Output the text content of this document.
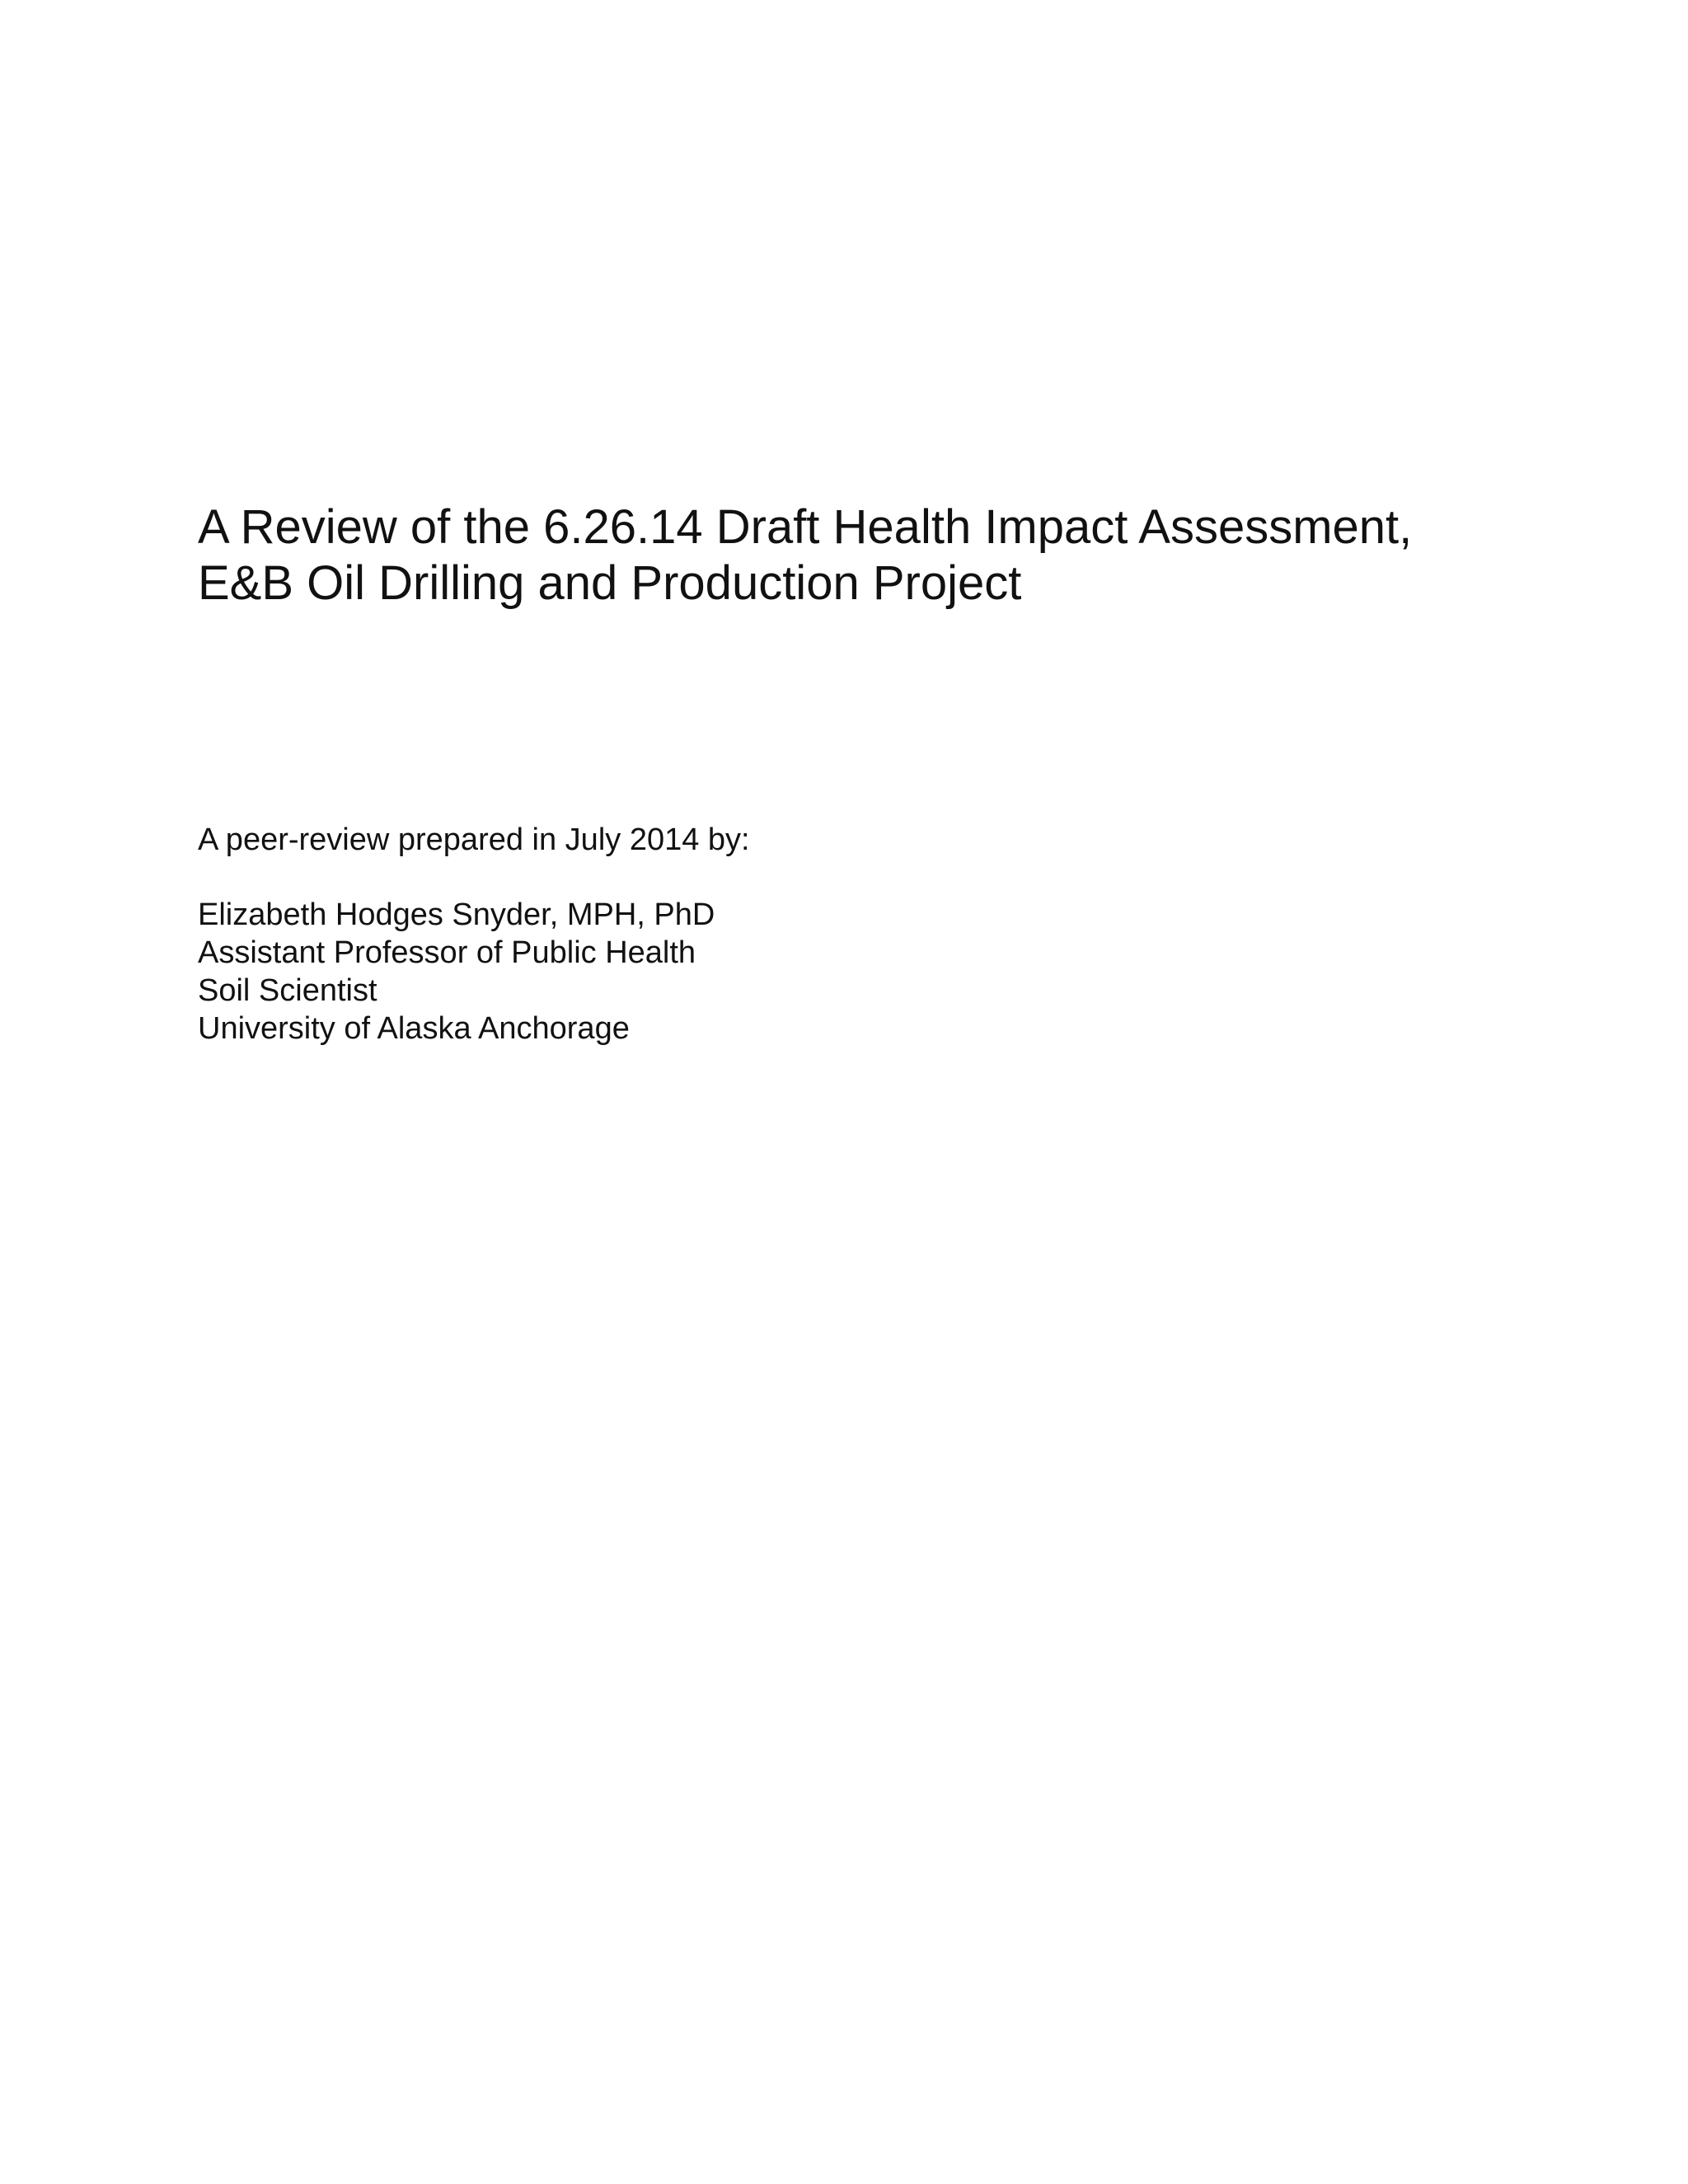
A Review of the 6.26.14 Draft Health Impact Assessment,
E&B Oil Drilling and Production Project

A peer-review prepared in July 2014 by:

Elizabeth Hodges Snyder, MPH, PhD
Assistant Professor of Public Health
Soil Scientist
University of Alaska Anchorage
